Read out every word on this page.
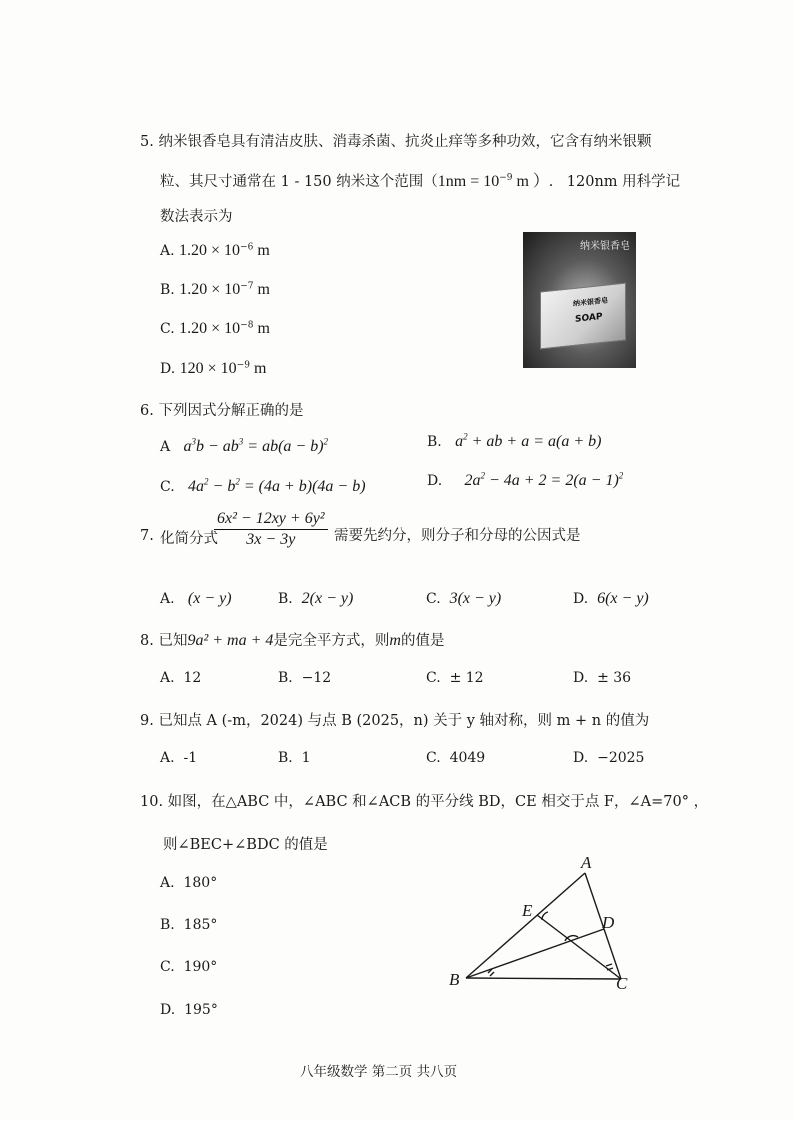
5. 纳米银香皂具有清洁皮肤、消毒杀菌、抗炎止痒等多种功效，它含有纳米银颗
粒、其尺寸通常在 1 - 150 纳米这个范围（$1nm = 10^{-9}$ m ）. 120nm 用科学记
数法表示为
A. $1.20 \times 10^{-6}$ m
B. $1.20 \times 10^{-7}$ m
C. $1.20 \times 10^{-8}$ m
D. $120 \times 10^{-9}$ m
纳米银香皂
纳米银香皂
SOAP
6. 下列因式分解正确的是
A $a^3b - ab^3 = ab(a - b)^2$	B. $a^2$ + ab + a = a(a + b)
C. $4a^2 - b^2 = (4a + b)(4a - b)$	D. $2a^2 - 4a + 2 = 2(a - 1)^2$
7. 化简分式
6x² − 12xy + 6y²
3x − 3y	需要先约分，则分子和分母的公因式是
A. (x − y)	B. 2(x − y)	C. 3(x − y)	D. 6(x − y)
8. 已知9a² + ma + 4是完全平方式，则m的值是
A. 12	B. −12	C. ± 12	D. ± 36
9. 已知点 A (-m，2024) 与点 B (2025，n) 关于 y 轴对称，则 m + n 的值为
A. -1	B. 1	C. 4049	D. −2025
10. 如图，在△ABC 中，∠ABC 和∠ACB 的平分线 BD，CE 相交于点 F，∠A=70° ，
则∠BEC+∠BDC 的值是
A. 180°
B. 185°
C. 190°
D. 195°
A
B	C
D
E
八年级数学 第二页 共八页
